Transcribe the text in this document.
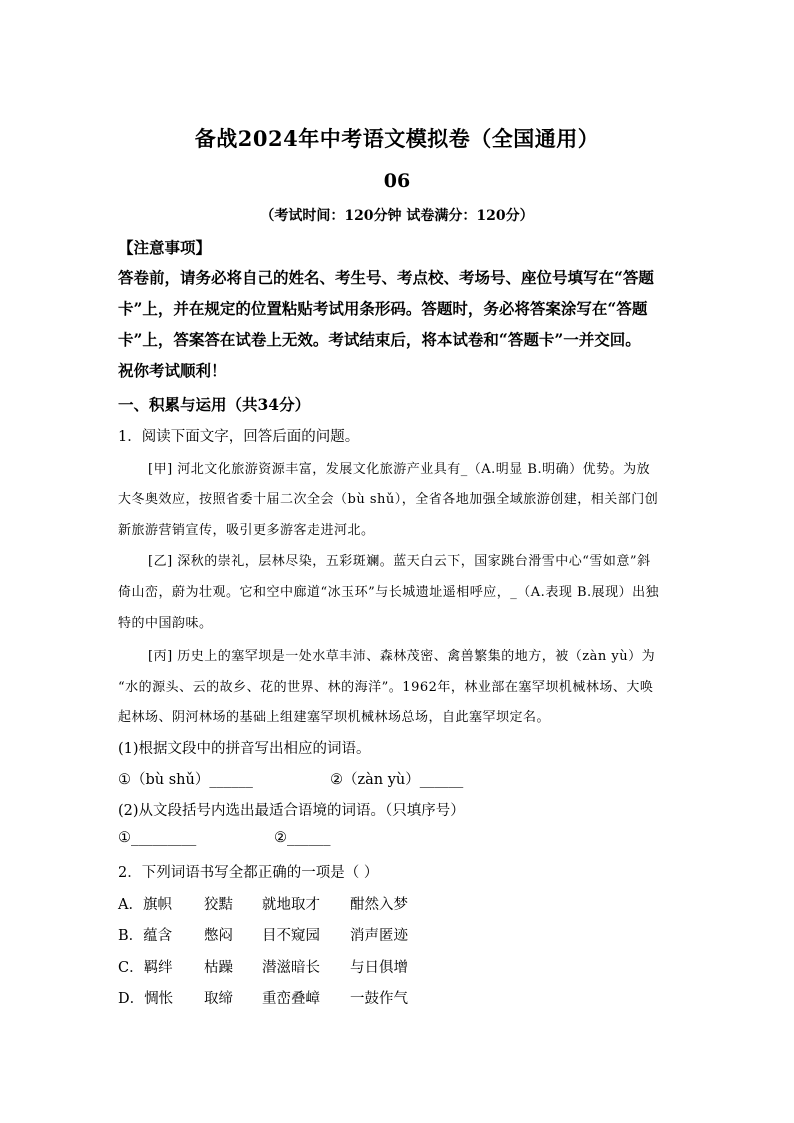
备战2024年中考语文模拟卷（全国通用）
06
（考试时间：120分钟 试卷满分：120分）
【注意事项】
答卷前，请务必将自己的姓名、考生号、考点校、考场号、座位号填写在“答题
卡”上，并在规定的位置粘贴考试用条形码。答题时，务必将答案涂写在“答题
卡”上，答案答在试卷上无效。考试结束后，将本试卷和“答题卡”一并交回。
祝你考试顺利！
一、积累与运用（共34分）
1．阅读下面文字，回答后面的问题。
[甲] 河北文化旅游资源丰富，发展文化旅游产业具有_（A.明显 B.明确）优势。为放
大冬奥效应，按照省委十届二次全会（bù shǔ），全省各地加强全域旅游创建，相关部门创
新旅游营销宣传，吸引更多游客走进河北。
[乙] 深秋的崇礼，层林尽染，五彩斑斓。蓝天白云下，国家跳台滑雪中心“雪如意”斜
倚山峦，蔚为壮观。它和空中廊道“冰玉环”与长城遗址遥相呼应，_（A.表现 B.展现）出独
特的中国韵味。
[丙] 历史上的塞罕坝是一处水草丰沛、森林茂密、禽兽繁集的地方，被（zàn yù）为
“水的源头、云的故乡、花的世界、林的海洋”。1962年，林业部在塞罕坝机械林场、大唤
起林场、阴河林场的基础上组建塞罕坝机械林场总场，自此塞罕坝定名。
(1)根据文段中的拼音写出相应的词语。
①（bù shǔ）______	②（zàn yù）______
(2)从文段括号内选出最适合语境的词语。（只填序号）
①_________	②______
2．下列词语书写全都正确的一项是（ ）
A．旗帜 狡黠 就地取才 酣然入梦
B．蕴含 憋闷 目不窥园 消声匿迹
C．羁绊 枯躁 潜滋暗长 与日俱增
D．惆怅 取缔 重峦叠嶂 一鼓作气
